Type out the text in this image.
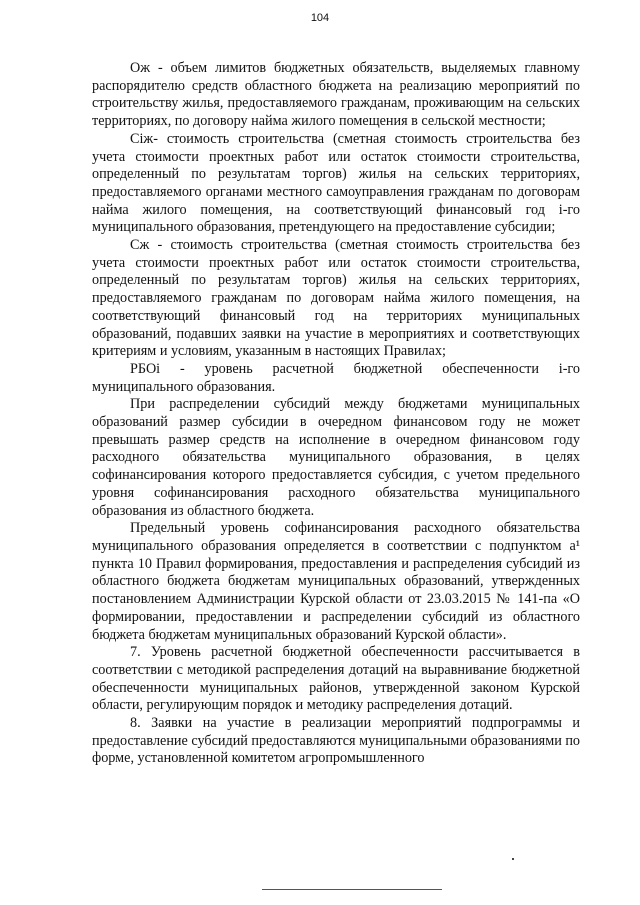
104

Ож - объем лимитов бюджетных обязательств, выделяемых главному распорядителю средств областного бюджета на реализацию мероприятий по строительству жилья, предоставляемого гражданам, проживающим на сельских территориях, по договору найма жилого помещения в сельской местности;

Сiж- стоимость строительства (сметная стоимость строительства без учета стоимости проектных работ или остаток стоимости строительства, определенный по результатам торгов) жилья на сельских территориях, предоставляемого органами местного самоуправления гражданам по договорам найма жилого помещения, на соответствующий финансовый год i-го муниципального образования, претендующего на предоставление субсидии;

Сж - стоимость строительства (сметная стоимость строительства без учета стоимости проектных работ или остаток стоимости строительства, определенный по результатам торгов) жилья на сельских территориях, предоставляемого гражданам по договорам найма жилого помещения, на соответствующий финансовый год на территориях муниципальных образований, подавших заявки на участие в мероприятиях и соответствующих критериям и условиям, указанным в настоящих Правилах;

РБОi - уровень расчетной бюджетной обеспеченности i-го муниципального образования.

При распределении субсидий между бюджетами муниципальных образований размер субсидии в очередном финансовом году не может превышать размер средств на исполнение в очередном финансовом году расходного обязательства муниципального образования, в целях софинансирования которого предоставляется субсидия, с учетом предельного уровня софинансирования расходного обязательства муниципального образования из областного бюджета.

Предельный уровень софинансирования расходного обязательства муниципального образования определяется в соответствии с подпунктом а¹ пункта 10 Правил формирования, предоставления и распределения субсидий из областного бюджета бюджетам муниципальных образований, утвержденных постановлением Администрации Курской области от 23.03.2015 № 141-па «О формировании, предоставлении и распределении субсидий из областного бюджета бюджетам муниципальных образований Курской области».

7. Уровень расчетной бюджетной обеспеченности рассчитывается в соответствии с методикой распределения дотаций на выравнивание бюджетной обеспеченности муниципальных районов, утвержденной законом Курской области, регулирующим порядок и методику распределения дотаций.

8. Заявки на участие в реализации мероприятий подпрограммы и предоставление субсидий предоставляются муниципальными образованиями по форме, установленной комитетом агропромышленного
